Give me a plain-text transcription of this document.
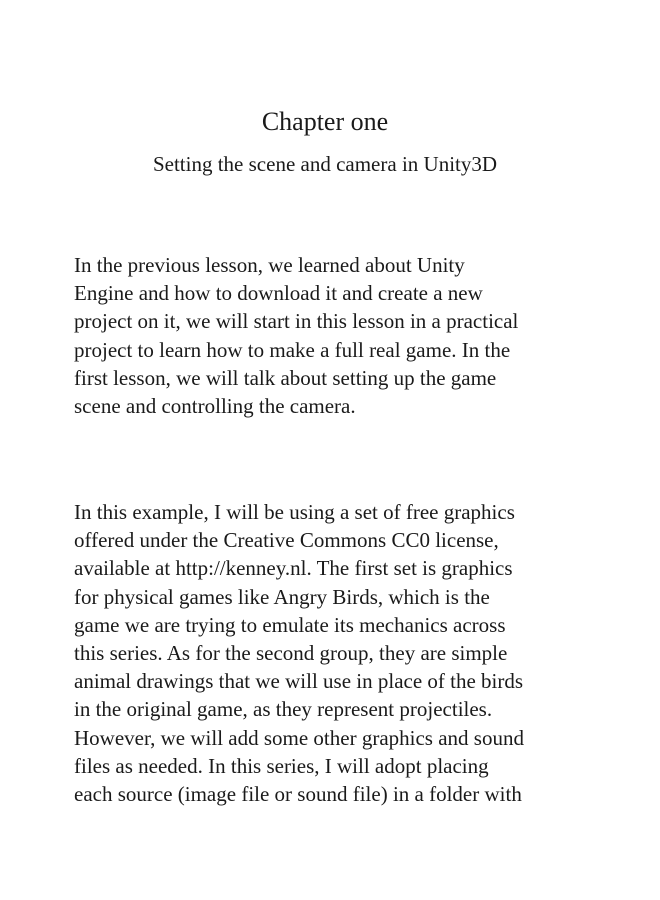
Chapter one
Setting the scene and camera in Unity3D

In the previous lesson, we learned about Unity
Engine and how to download it and create a new
project on it, we will start in this lesson in a practical
project to learn how to make a full real game. In the
first lesson, we will talk about setting up the game
scene and controlling the camera.

In this example, I will be using a set of free graphics
offered under the Creative Commons CC0 license,
available at http://kenney.nl. The first set is graphics
for physical games like Angry Birds, which is the
game we are trying to emulate its mechanics across
this series. As for the second group, they are simple
animal drawings that we will use in place of the birds
in the original game, as they represent projectiles.
However, we will add some other graphics and sound
files as needed. In this series, I will adopt placing
each source (image file or sound file) in a folder with
